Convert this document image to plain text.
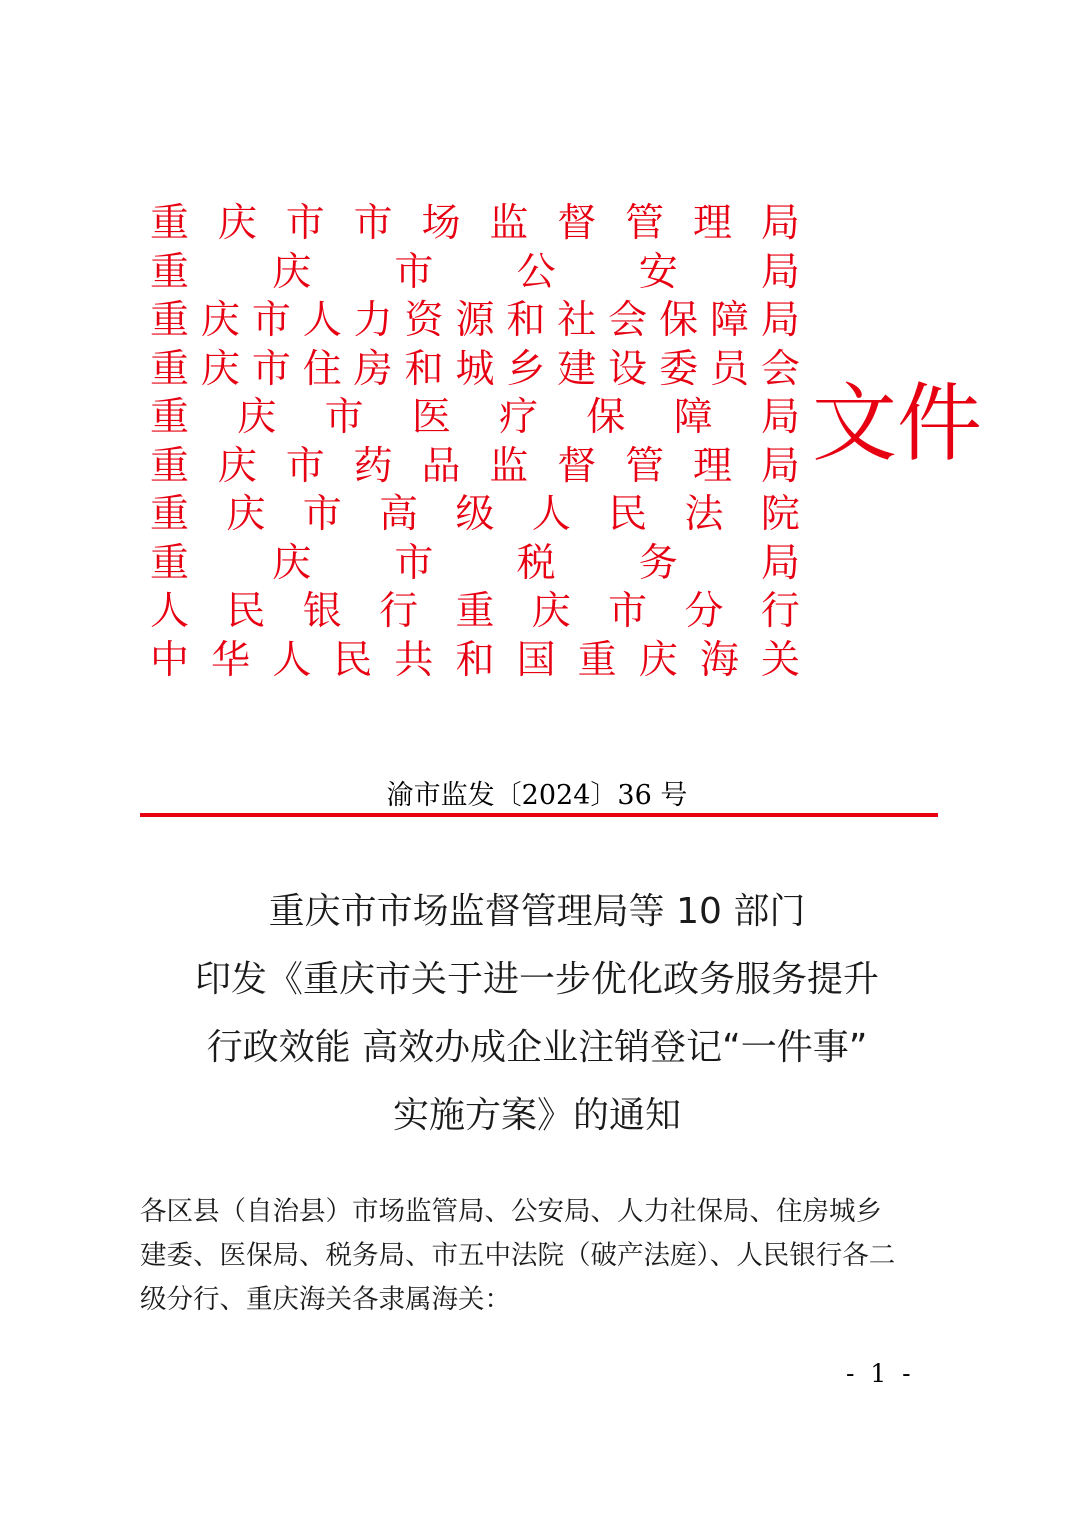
重 庆 市 市 场 监 督 管 理 局
重 庆 市 公 安 局
重 庆 市 人 力 资 源 和 社 会 保 障 局
重 庆 市 住 房 和 城 乡 建 设 委 员 会
重 庆 市 医 疗 保 障 局
重 庆 市 药 品 监 督 管 理 局
重 庆 市 高 级 人 民 法 院
重 庆 市 税 务 局
人 民 银 行 重 庆 市 分 行
中 华 人 民 共 和 国 重 庆 海 关
文件
渝市监发〔2024〕36 号
重庆市市场监督管理局等 10 部门
印发《重庆市关于进一步优化政务服务提升
行政效能 高效办成企业注销登记“一件事”
实施方案》的通知
各区县（自治县）市场监管局、公安局、人力社保局、住房城乡
建委、医保局、税务局、市五中法院（破产法庭）、人民银行各二
级分行、重庆海关各隶属海关：
-  1  -
